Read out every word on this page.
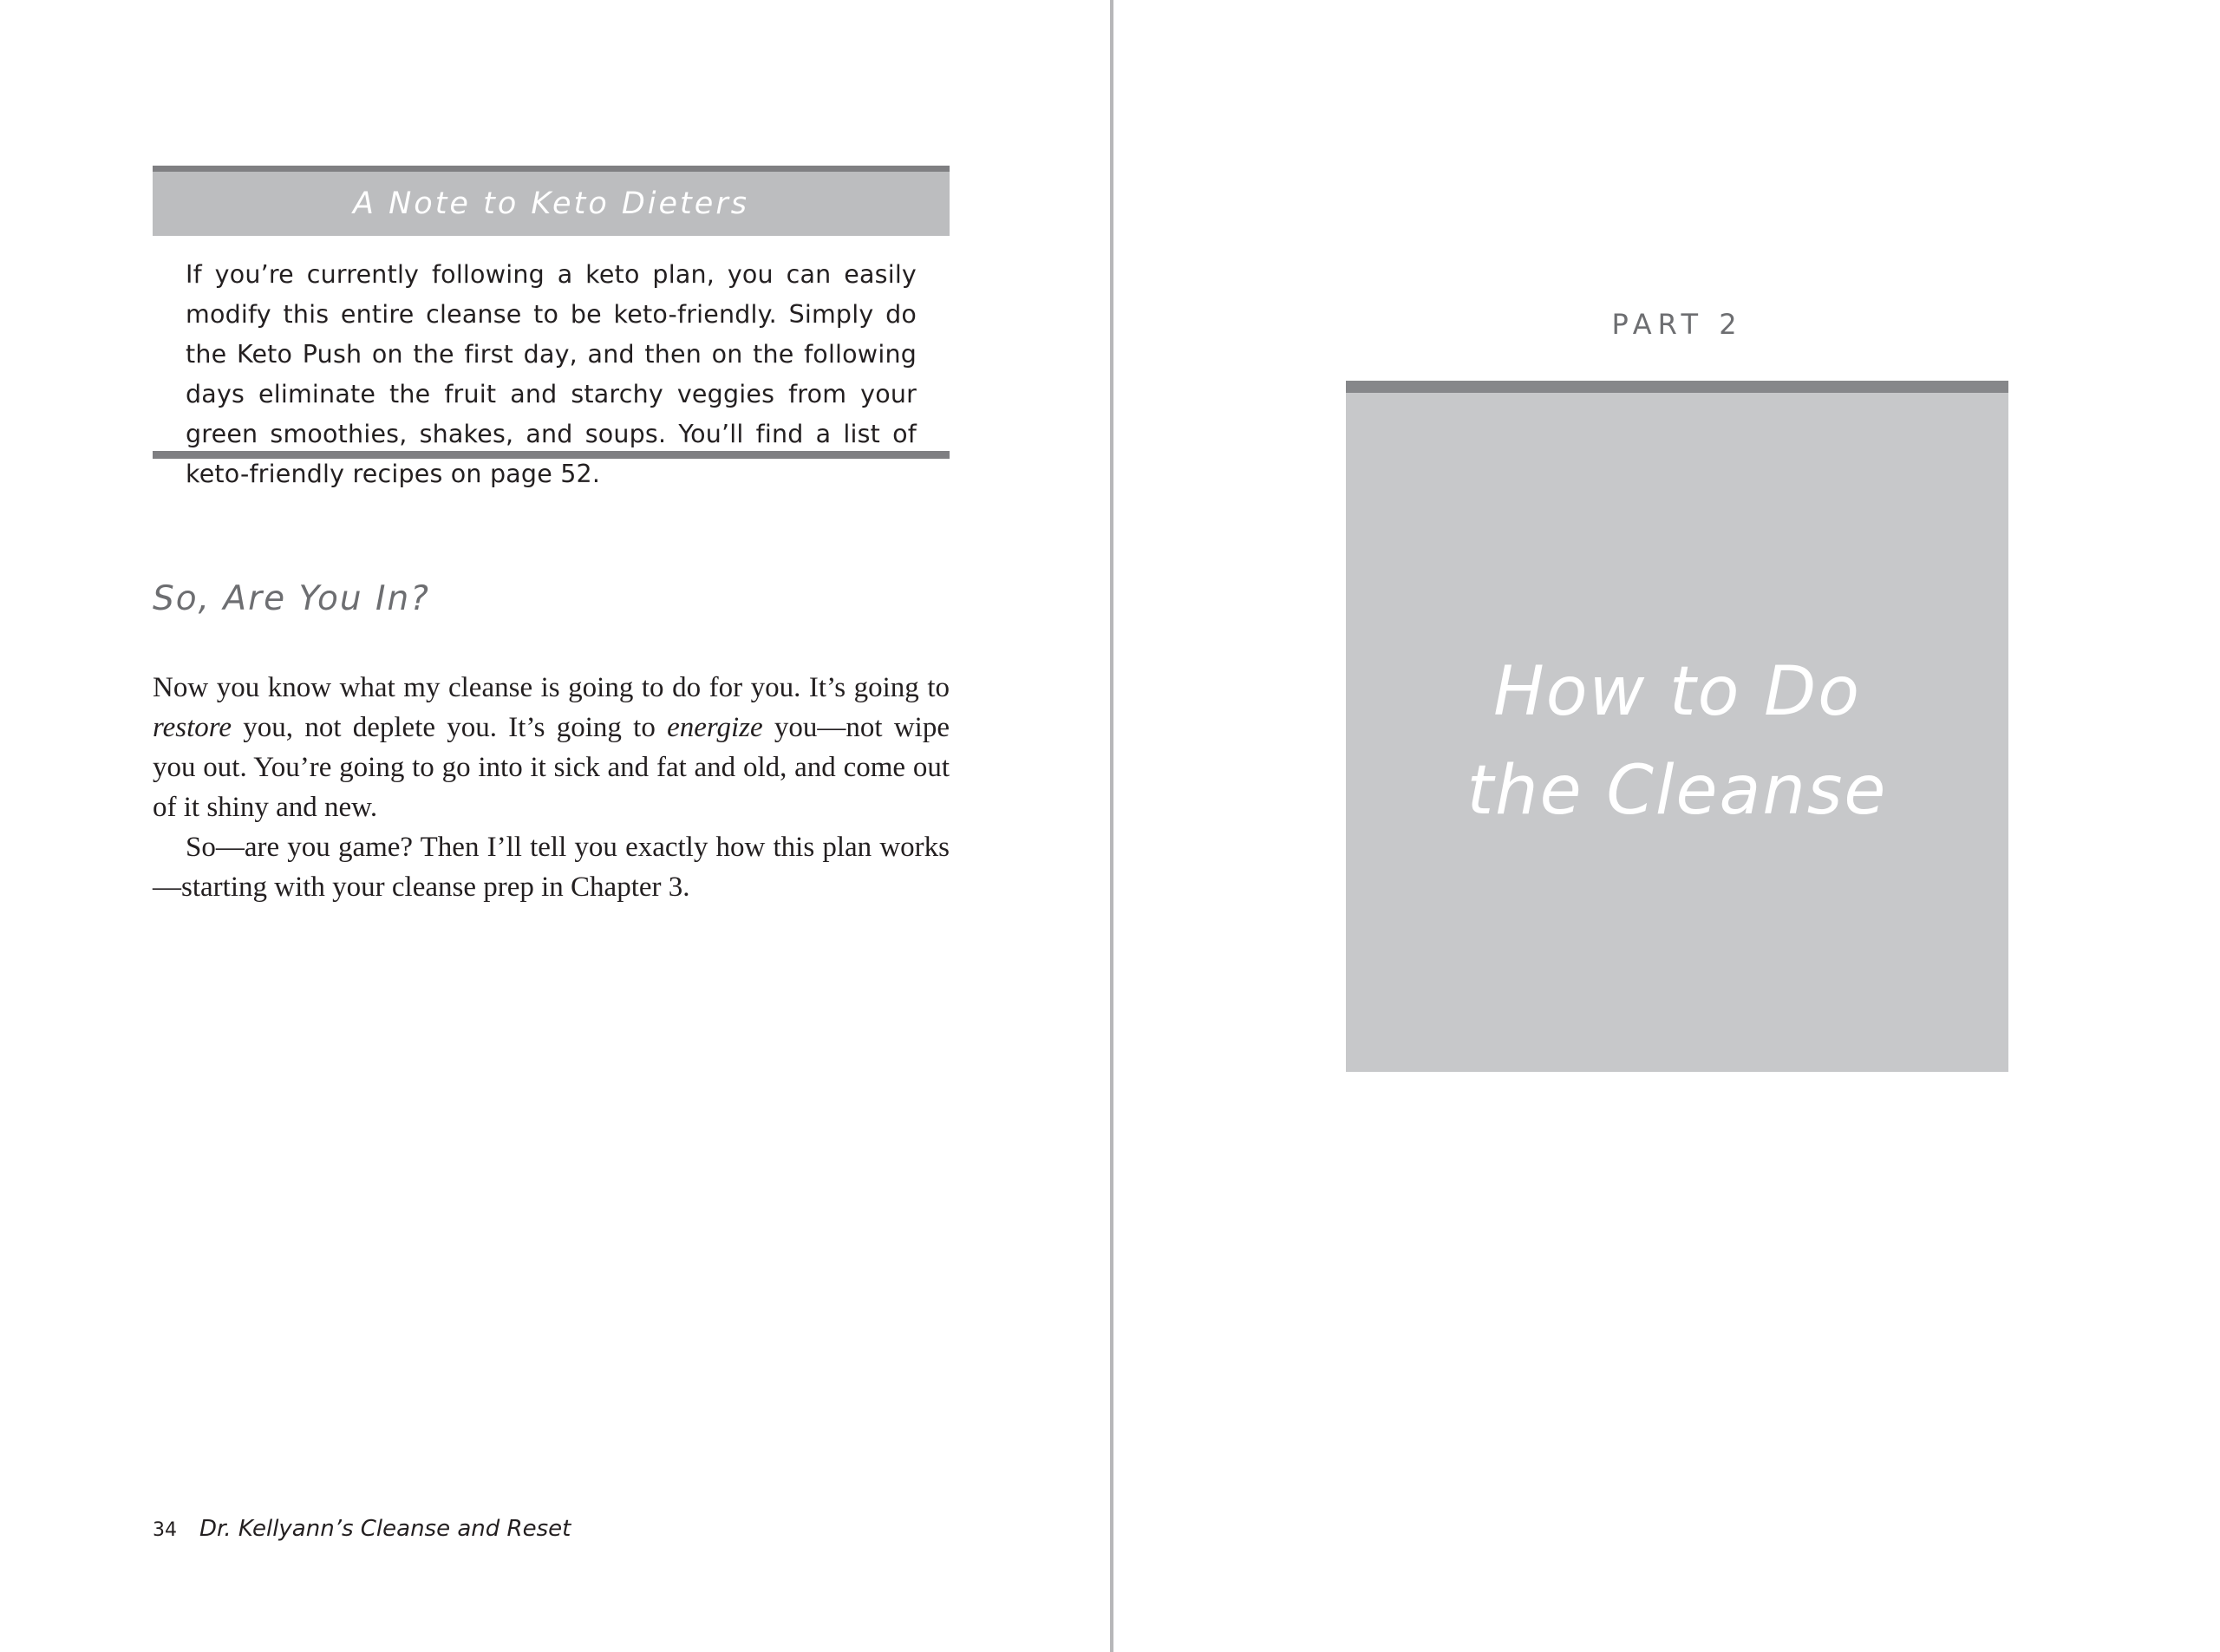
A Note to Keto Dieters
If you’re currently following a keto plan, you can easily modify this entire cleanse to be keto-friendly. Simply do the Keto Push on the first day, and then on the following days eliminate the fruit and starchy veggies from your green smoothies, shakes, and soups. You’ll find a list of keto-friendly recipes on page 52.
So, Are You In?

Now you know what my cleanse is going to do for you. It’s going to restore you, not deplete you. It’s going to energize you—not wipe you out. You’re going to go into it sick and fat and old, and come out of it shiny and new.

So—are you game? Then I’ll tell you exactly how this plan works—starting with your cleanse prep in Chapter 3.

34 Dr. Kellyann’s Cleanse and Reset
PART 2
How to Do
the Cleanse
